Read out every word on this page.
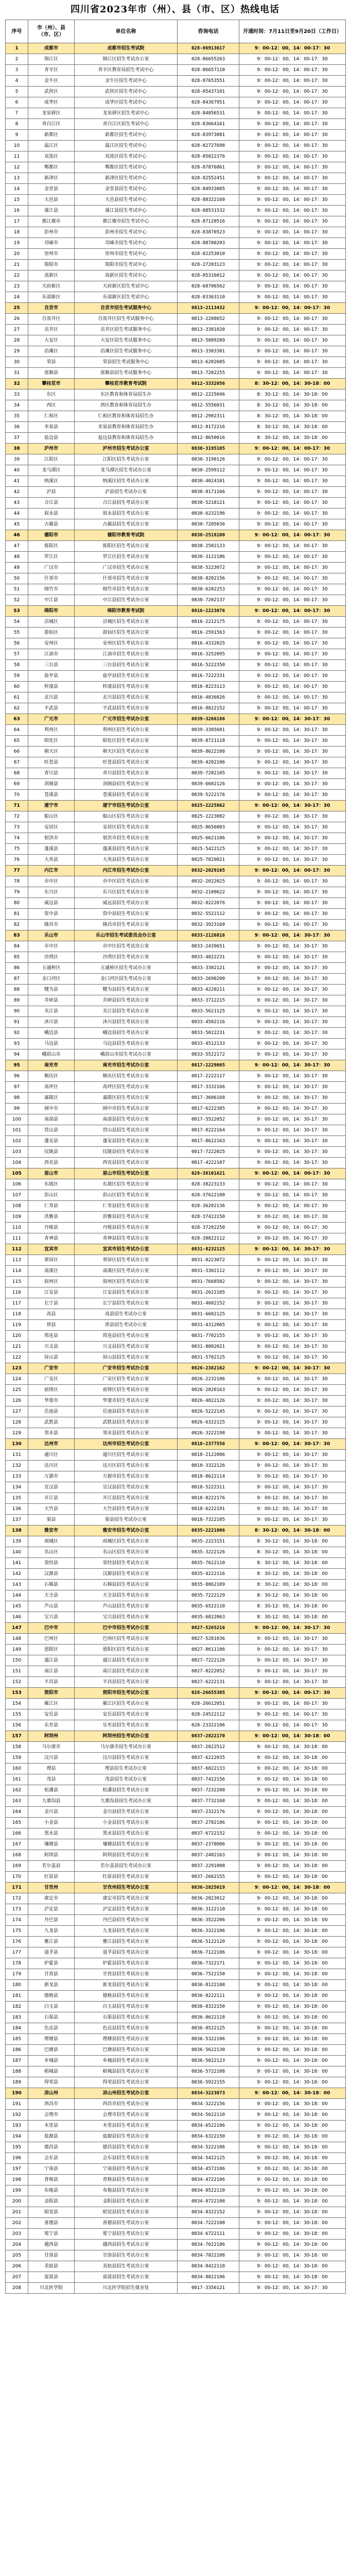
四川省2023年市（州）、县（市、区）热线电话
序号	市（州）、县（市、区）	单位名称	咨询电话	开通时间：7月11日至9月20日（工作日）
1	成都市	成都市招生考试院	028-86913617	9：00-12：00，14：00-17：30
2	锦江区	锦江区招生考试办公室	028-86655263	9：00-12：00，14：00-17：30
3	青羊区	青羊区教育局招生考试中心	028-86657110	9：00-12：00，14：00-17：30
4	金牛区	金牛区招生考试中心	028-87653551	9：00-12：00，14：00-17：30
5	武侯区	武侯区招生考试中心	028-85437101	9：00-12：00，14：00-17：30
6	成华区	成华区招生考试中心	028-84367951	9：00-12：00，14：00-17：30
7	龙泉驿区	龙泉驿区招生考试中心	028-84856531	9：00-12：00，14：00-17：30
8	青白江区	青白江区招生考试中心	028-83664161	9：00-12：00，14：00-17：30
9	新都区	新都区招生考试中心	028-83973081	9：00-12：00，14：00-17：30
10	温江区	温江区招生考试中心	028-82727698	9：00-12：00，14：00-17：30
11	双流区	双流区招生考试中心	028-85822376	9：00-12：00，14：00-17：30
12	郫都区	郫都区招生考试中心	028-87876861	9：00-12：00，14：00-17：30
13	新津区	新津区招生考试中心	028-82552451	9：00-12：00，14：00-17：30
14	金堂县	金堂县招生考试中心	028-84933005	9：00-12：00，14：00-17：30
15	大邑县	大邑县招生考试中心	028-88322160	9：00-12：00，14：00-17：30
16	蒲江县	蒲江县招生考试中心	028-88531532	9：00-12：00，14：00-17：30
17	都江堰市	都江堰市招生考试中心	028-87120516	9：00-12：00，14：00-17：30
18	彭州市	彭州市招生考试中心	028-83870523	9：00-12：00，14：00-17：30
19	邛崃市	邛崃市招生考试中心	028-88780203	9：00-12：00，14：00-17：30
20	崇州市	崇州市招生考试中心	028-82253010	9：00-12：00，14：00-17：30
21	简阳市	简阳市招生考试中心	028-27203123	9：00-12：00，14：00-17：30
22	高新区	高新区招生考试中心	028-85316012	9：00-12：00，14：00-17：30
23	天府新区	天府新区招生考试中心	028-68706562	9：00-12：00，14：00-17：30
24	东部新区	东部新区招生考试中心	028-83363110	9：00-12：00，14：00-17：30
25	自贡市	自贡市招生考试服务中心	0813-2113432	9：00-12：00，14：00-17：30
26	自流井区	自流井区招生考试服务中心	0813-2208652	9：00-12：00，14：00-17：30
27	贡井区	贡井区招生考试服务中心	0813-3301020	9：00-12：00，14：00-17：30
28	大安区	大安区招生考试服务中心	0813-5809209	9：00-12：00，14：00-17：30
29	沿滩区	沿滩区招生考试服务中心	0813-3303301	9：00-12：00，14：00-17：30
30	荣县	荣县招生考试服务中心	0813-6202605	9：00-12：00，14：00-17：30
31	富顺县	富顺县招生考试服务中心	0813-7202255	9：00-12：00，14：00-17：30
32	攀枝花市	攀枝花市教育考试院	0812-3332056	8：30-12：00，14：30-18：00
33	东区	东区教育和体育局招生办	0812-2225046	8：30-12：00，14：30-18：00
34	西区	西区教育和体育局招生办	0812-5556031	8：30-12：00，14：30-18：00
35	仁和区	仁和区教育和体育局招生办	0812-2902311	8：30-12：00，14：30-18：00
36	米易县	米易县教育和体育局招生办	0812-8172216	8：30-12：00，14：30-18：00
37	盐边县	盐边县教育和体育局招生办	0812-8650016	8：30-12：00，14：30-18：00
38	泸州市	泸州市招生考试办公室	0830-3195105	9：00-12：00，14：00-17：30
39	江阳区	江阳区招生考试办公室	0830-3190126	9：00-12：00，14：00-17：30
40	龙马潭区	龙马潭区招生考试办公室	0830-2599112	9：00-12：00，14：00-17：30
41	纳溪区	纳溪区招生考试办公室	0830-4024101	9：00-12：00，14：00-17：30
42	泸县	泸县招生考试办公室	0830-8171166	9：00-12：00，14：00-17：30
43	合江县	合江县招生考试办公室	0830-5218121	9：00-12：00，14：00-17：30
44	叙永县	叙永县招生考试办公室	0830-6232196	9：00-12：00，14：00-17：30
45	古蔺县	古蔺县招生考试办公室	0830-7205036	9：00-12：00，14：00-17：30
46	德阳市	德阳市教育考试院	0838-2518100	9：00-12：00，14：00-17：30
47	旌阳区	旌阳区招生考试办公室	0838-2502133	9：00-12：00，14：00-17：30
48	罗江区	罗江区招生考试办公室	0838-3122186	9：00-12：00，14：00-17：30
49	广汉市	广汉市招生考试办公室	0838-5223072	9：00-12：00，14：00-17：30
50	什邡市	什邡市招生考试办公室	0838-8202156	9：00-12：00，14：00-17：30
51	绵竹市	绵竹市招生考试办公室	0838-6202253	9：00-12：00，14：00-17：30
52	中江县	中江县招生考试办公室	0838-7202137	9：00-12：00，14：00-17：30
53	绵阳市	绵阳市教育考试院	0816-2223076	9：00-12：00，14：00-17：30
54	涪城区	涪城区招生考试办公室	0816-2212175	9：00-12：00，14：00-17：30
55	游仙区	游仙区招生考试办公室	0816-2591563	9：00-12：00，14：00-17：30
56	安州区	安州区招生考试办公室	0816-4332025	9：00-12：00，14：00-17：30
57	江油市	江油市招生考试办公室	0816-3252095	9：00-12：00，14：00-17：30
58	三台县	三台县招生考试办公室	0816-5222350	9：00-12：00，14：00-17：30
59	盐亭县	盐亭县招生考试办公室	0816-7222331	9：00-12：00，14：00-17：30
60	梓潼县	梓潼县招生考试办公室	0816-8223113	9：00-12：00，14：00-17：30
61	北川县	北川县招生考试办公室	0816-4836026	9：00-12：00，14：00-17：30
62	平武县	平武县招生考试办公室	0816-8822152	9：00-12：00，14：00-17：30
63	广元市	广元市招生考试办公室	0839-3266186	9：00-12：00，14：30-17：30
64	利州区	利州区招生考试办公室	0839-3305601	9：00-12：00，14：30-17：30
65	昭化区	昭化区招生考试办公室	0839-8721118	9：00-12：00，14：30-17：30
66	朝天区	朝天区招生考试办公室	0839-8622108	9：00-12：00，14：30-17：30
67	旺苍县	旺苍县招生考试办公室	0839-4202106	9：00-12：00，14：30-17：30
68	青川县	青川县招生考试办公室	0839-7202105	9：00-12：00，14：30-17：30
69	剑阁县	剑阁县招生考试办公室	0839-6602126	9：00-12：00，14：30-17：30
70	苍溪县	苍溪县招生考试办公室	0839-5222176	9：00-12：00，14：30-17：30
71	遂宁市	遂宁市招生考试办公室	0825-2225862	9：00-12：00，14：30-17：30
72	船山区	船山区招生考试办公室	0825-2223082	9：00-12：00，14：30-17：30
73	安居区	安居区招生考试办公室	0825-8656003	9：00-12：00，14：30-17：30
74	射洪市	射洪市招生考试办公室	0825-6621106	9：00-12：00，14：30-17：30
75	蓬溪县	蓬溪县招生考试办公室	0825-5422125	9：00-12：00，14：30-17：30
76	大英县	大英县招生考试办公室	0825-7829021	9：00-12：00，14：30-17：30
77	内江市	内江市招生考试办公室	0832-2029165	9：00-12：00，14：00-17：30
78	市中区	市中区招生考试办公室	0832-2022025	9：00-12：00，14：00-17：30
79	东兴区	东兴区招生考试办公室	0832-2100622	9：00-12：00，14：00-17：30
80	威远县	威远县招生考试办公室	0832-8222076	9：00-12：00，14：00-17：30
81	资中县	资中县招生考试办公室	0832-5522112	9：00-12：00，14：00-17：30
82	隆昌市	隆昌市招生考试办公室	0832-3923160	9：00-12：00，14：00-17：30
83	乐山市	乐山市招生考试委员会办公室	0833-2126816	9：00-12：00，14：30-17：30
84	市中区	市中区招生考试办公室	0833-2439651	9：00-12：00，14：30-17：30
85	沙湾区	沙湾区招生考试办公室	0833-4822231	9：00-12：00，14：30-17：30
86	五通桥区	五通桥区招生考试办公室	0833-3302121	9：00-12：00，14：30-17：30
87	金口河区	金口河区招生考试办公室	0833-2690200	9：00-12：00，14：30-17：30
88	犍为县	犍为县招生考试办公室	0833-4220211	9：00-12：00，14：30-17：30
89	井研县	井研县招生考试办公室	0833-3712215	9：00-12：00，14：30-17：30
90	夹江县	夹江县招生考试办公室	0833-5621125	9：00-12：00，14：30-17：30
91	沐川县	沐川县招生考试办公室	0833-4502116	9：00-12：00，14：30-17：30
92	峨边县	峨边县招生考试办公室	0833-5022231	9：00-12：00，14：30-17：30
93	马边县	马边县招生考试办公室	0833-4512133	9：00-12：00，14：30-17：30
94	峨眉山市	峨眉山市招生考试办公室	0833-5522172	9：00-12：00，14：30-17：30
95	南充市	南充市招生考试办公室	0817-2229065	9：00-12：00，14：30-17：30
96	顺庆区	顺庆区招生考试办公室	0817-2222117	9：00-12：00，14：30-17：30
97	高坪区	高坪区招生考试办公室	0817-3332166	9：00-12：00，14：30-17：30
98	嘉陵区	嘉陵区招生考试办公室	0817-3606168	9：00-12：00，14：30-17：30
99	阆中市	阆中市招生考试办公室	0817-6222305	9：00-12：00，14：30-17：30
100	南部县	南部县招生考试办公室	0817-5522052	9：00-12：00，14：30-17：30
101	营山县	营山县招生考试办公室	0817-8222164	9：00-12：00，14：30-17：30
102	蓬安县	蓬安县招生考试办公室	0817-8622163	9：00-12：00，14：30-17：30
103	仪陇县	仪陇县招生考试办公室	0817-7222025	9：00-12：00，14：30-17：30
104	西充县	西充县招生考试办公室	0817-4222107	9：00-12：00，14：30-17：30
105	眉山市	眉山市招生考试办公室	028-38101621	9：00-12：00，14：00-17：30
106	东坡区	东坡区招生考试办公室	028-38223133	9：00-12：00，14：00-17：30
107	彭山区	彭山区招生考试办公室	028-37622100	9：00-12：00，14：00-17：30
108	仁寿县	仁寿县招生考试办公室	028-36202136	9：00-12：00，14：00-17：30
109	洪雅县	洪雅县招生考试办公室	028-37422150	9：00-12：00，14：00-17：30
110	丹棱县	丹棱县招生考试办公室	028-37202250	9：00-12：00，14：00-17：30
111	青神县	青神县招生考试办公室	028-38822112	9：00-12：00，14：00-17：30
112	宜宾市	宜宾市招生考试办公室	0831-8232125	9：00-12：00，14：30-17：30
113	翠屏区	翠屏区招生考试办公室	0831-8223072	9：00-12：00，14：30-17：30
114	南溪区	南溪区招生考试办公室	0831-3302112	9：00-12：00，14：30-17：30
115	叙州区	叙州区招生考试办公室	0831-7668502	9：00-12：00，14：30-17：30
116	江安县	江安县招生考试办公室	0831-2622105	9：00-12：00，14：30-17：30
117	长宁县	长宁县招生考试办公室	0831-4602152	9：00-12：00，14：30-17：30
118	高县	高县招生考试办公室	0831-6602125	9：00-12：00，14：30-17：30
119	珙县	珙县招生考试办公室	0831-4312065	9：00-12：00，14：30-17：30
120	筠连县	筠连县招生考试办公室	0831-7702155	9：00-12：00，14：30-17：30
121	兴文县	兴文县招生考试办公室	0831-8802021	9：00-12：00，14：30-17：30
122	屏山县	屏山县招生考试办公室	0831-5702125	9：00-12：00，14：30-17：30
123	广安市	广安市招生考试办公室	0826-2382162	9：00-12：00，14：30-17：30
124	广安区	广安区招生考试办公室	0826-2232106	9：00-12：00，14：30-17：30
125	前锋区	前锋区招生考试办公室	0826-2820163	9：00-12：00，14：30-17：30
126	华蓥市	华蓥市招生考试办公室	0826-4822126	9：00-12：00，14：30-17：30
127	岳池县	岳池县招生考试办公室	0826-5222145	9：00-12：00，14：30-17：30
128	武胜县	武胜县招生考试办公室	0826-6322125	9：00-12：00，14：30-17：30
129	邻水县	邻水县招生考试办公室	0826-3222198	9：00-12：00，14：30-17：30
130	达州市	达州市招生考试办公室	0818-2377556	9：00-12：00，14：30-17：30
131	通川区	通川区招生考试办公室	0818-2122006	9：00-12：00，14：30-17：30
132	达川区	达川区招生考试办公室	0818-3322126	9：00-12：00，14：30-17：30
133	万源市	万源市招生考试办公室	0818-8622114	9：00-12：00，14：30-17：30
134	宣汉县	宣汉县招生考试办公室	0818-5222311	9：00-12：00，14：30-17：30
135	开江县	开江县招生考试办公室	0818-8222176	9：00-12：00，14：30-17：30
136	大竹县	大竹县招生考试办公室	0818-6222191	9：00-12：00，14：30-17：30
137	渠县	渠县招生考试办公室	0818-7322105	9：00-12：00，14：30-17：30
138	雅安市	雅安市招生考试办公室	0835-2221006	8：30-12：00，14：30-18：00
139	雨城区	雨城区招生考试办公室	0835-2223151	8：30-12：00，14：30-18：00
140	名山区	名山区招生考试办公室	0835-3222126	8：30-12：00，14：30-18：00
141	荥经县	荥经县招生考试办公室	0835-7622110	8：30-12：00，14：30-18：00
142	汉源县	汉源县招生考试办公室	0835-4222116	8：30-12：00，14：30-18：00
143	石棉县	石棉县招生考试办公室	0835-8862109	8：30-12：00，14：30-18：00
144	天全县	天全县招生考试办公室	0835-7222129	8：30-12：00，14：30-18：00
145	芦山县	芦山县招生考试办公室	0835-6522110	8：30-12：00，14：30-18：00
146	宝兴县	宝兴县招生考试办公室	0835-6822063	8：30-12：00，14：30-18：00
147	巴中市	巴中市招生考试办公室	0827-5265216	9：00-12：00，14：30-17：30
148	巴州区	巴州区招生考试办公室	0827-5281036	9：00-12：00，14：30-17：30
149	恩阳区	恩阳区招生考试办公室	0827-8611106	9：00-12：00，14：30-17：30
150	通江县	通江县招生考试办公室	0827-7222126	9：00-12：00，14：30-17：30
151	南江县	南江县招生考试办公室	0827-8222052	9：00-12：00，14：30-17：30
152	平昌县	平昌县招生考试办公室	0827-6222131	9：00-12：00，14：30-17：30
153	资阳市	资阳市招生考试办公室	028-26655305	9：00-12：00，14：00-17：30
154	雁江区	雁江区招生考试办公室	028-26612051	9：00-12：00，14：00-17：30
155	安岳县	安岳县招生考试办公室	028-24522112	9：00-12：00，14：00-17：30
156	乐至县	乐至县招生考试办公室	028-23322106	9：00-12：00，14：00-17：30
157	阿坝州	阿坝州招生考试办公室	0837-2822170	9：00-12：00，14：30-18：00
158	马尔康市	马尔康市招生考试办公室	0837-2822512	9：00-12：00，14：30-18：00
159	汶川县	汶川县招生考试办公室	0837-6222035	9：00-12：00，14：30-18：00
160	理县	理县招生考试办公室	0837-6822133	9：00-12：00，14：30-18：00
161	茂县	茂县招生考试办公室	0837-7422156	9：00-12：00，14：30-18：00
162	松潘县	松潘县招生考试办公室	0837-7232208	9：00-12：00，14：30-18：00
163	九寨沟县	九寨沟县招生考试办公室	0837-7732168	9：00-12：00，14：30-18：00
164	金川县	金川县招生考试办公室	0837-2322176	9：00-12：00，14：30-18：00
165	小金县	小金县招生考试办公室	0837-2782106	9：00-12：00，14：30-18：00
166	黑水县	黑水县招生考试办公室	0837-6722152	9：00-12：00，14：30-18：00
167	壤塘县	壤塘县招生考试办公室	0837-2378006	9：00-12：00，14：30-18：00
168	阿坝县	阿坝县招生考试办公室	0837-2482163	9：00-12：00，14：30-18：00
169	若尔盖县	若尔盖县招生考试办公室	0837-2291008	9：00-12：00，14：30-18：00
170	红原县	红原县招生考试办公室	0837-2662155	9：00-12：00，14：30-18：00
171	甘孜州	甘孜州招生考试办公室	0836-2825019	9：00-12：00，14：30-18：00
172	康定市	康定市招生考试办公室	0836-2823012	9：00-12：00，14：30-18：00
173	泸定县	泸定县招生考试办公室	0836-3122110	9：00-12：00，14：30-18：00
174	丹巴县	丹巴县招生考试办公室	0836-3522206	9：00-12：00，14：30-18：00
175	九龙县	九龙县招生考试办公室	0836-3322106	9：00-12：00，14：30-18：00
176	雅江县	雅江县招生考试办公室	0836-5122120	9：00-12：00，14：30-18：00
177	道孚县	道孚县招生考试办公室	0836-7122106	9：00-12：00，14：30-18：00
178	炉霍县	炉霍县招生考试办公室	0836-7322171	9：00-12：00，14：30-18：00
179	甘孜县	甘孜县招生考试办公室	0836-7522150	9：00-12：00，14：30-18：00
180	新龙县	新龙县招生考试办公室	0836-8122108	9：00-12：00，14：30-18：00
181	德格县	德格县招生考试办公室	0836-8222111	9：00-12：00，14：30-18：00
182	白玉县	白玉县招生考试办公室	0836-8322150	9：00-12：00，14：30-18：00
183	石渠县	石渠县招生考试办公室	0836-8622118	9：00-12：00，14：30-18：00
184	色达县	色达县招生考试办公室	0836-8522125	9：00-12：00，14：30-18：00
185	理塘县	理塘县招生考试办公室	0836-5322106	9：00-12：00，14：30-18：00
186	巴塘县	巴塘县招生考试办公室	0836-5622130	9：00-12：00，14：30-18：00
187	乡城县	乡城县招生考试办公室	0836-5822123	9：00-12：00，14：30-18：00
188	稻城县	稻城县招生考试办公室	0836-5722108	9：00-12：00，14：30-18：00
189	得荣县	得荣县招生考试办公室	0836-5922155	9：00-12：00，14：30-18：00
190	凉山州	凉山州招生考试办公室	0834-3223073	9：00-12：00，14：30-18：00
191	西昌市	西昌市招生考试办公室	0834-3222156	9：00-12：00，14：30-18：00
192	会理市	会理市招生考试办公室	0834-5622110	9：00-12：00，14：30-18：00
193	木里县	木里县招生考试办公室	0834-6522106	9：00-12：00，14：30-18：00
194	盐源县	盐源县招生考试办公室	0834-6322150	9：00-12：00，14：30-18：00
195	德昌县	德昌县招生考试办公室	0834-5222106	9：00-12：00，14：30-18：00
196	会东县	会东县招生考试办公室	0834-5422125	9：00-12：00，14：30-18：00
197	宁南县	宁南县招生考试办公室	0834-4572106	9：00-12：00，14：30-18：00
198	普格县	普格县招生考试办公室	0834-4722106	9：00-12：00，14：30-18：00
199	布拖县	布拖县招生考试办公室	0834-8522110	9：00-12：00，14：30-18：00
200	金阳县	金阳县招生考试办公室	0834-8722108	9：00-12：00，14：30-18：00
201	昭觉县	昭觉县招生考试办公室	0834-8322152	9：00-12：00，14：30-18：00
202	喜德县	喜德县招生考试办公室	0834-7222108	9：00-12：00，14：30-18：00
203	冕宁县	冕宁县招生考试办公室	0834-6722111	9：00-12：00，14：30-18：00
204	越西县	越西县招生考试办公室	0834-7622106	9：00-12：00，14：30-18：00
205	甘洛县	甘洛县招生考试办公室	0834-7822108	9：00-12：00，14：30-18：00
206	美姑县	美姑县招生考试办公室	0834-8422110	9：00-12：00，14：30-18：00
207	雷波县	雷波县招生考试办公室	0834-8822106	9：00-12：00，14：30-18：00
208	川北医学院	川北医学院招生就业处	0817-3356121	9：00-12：00，14：30-17：30
